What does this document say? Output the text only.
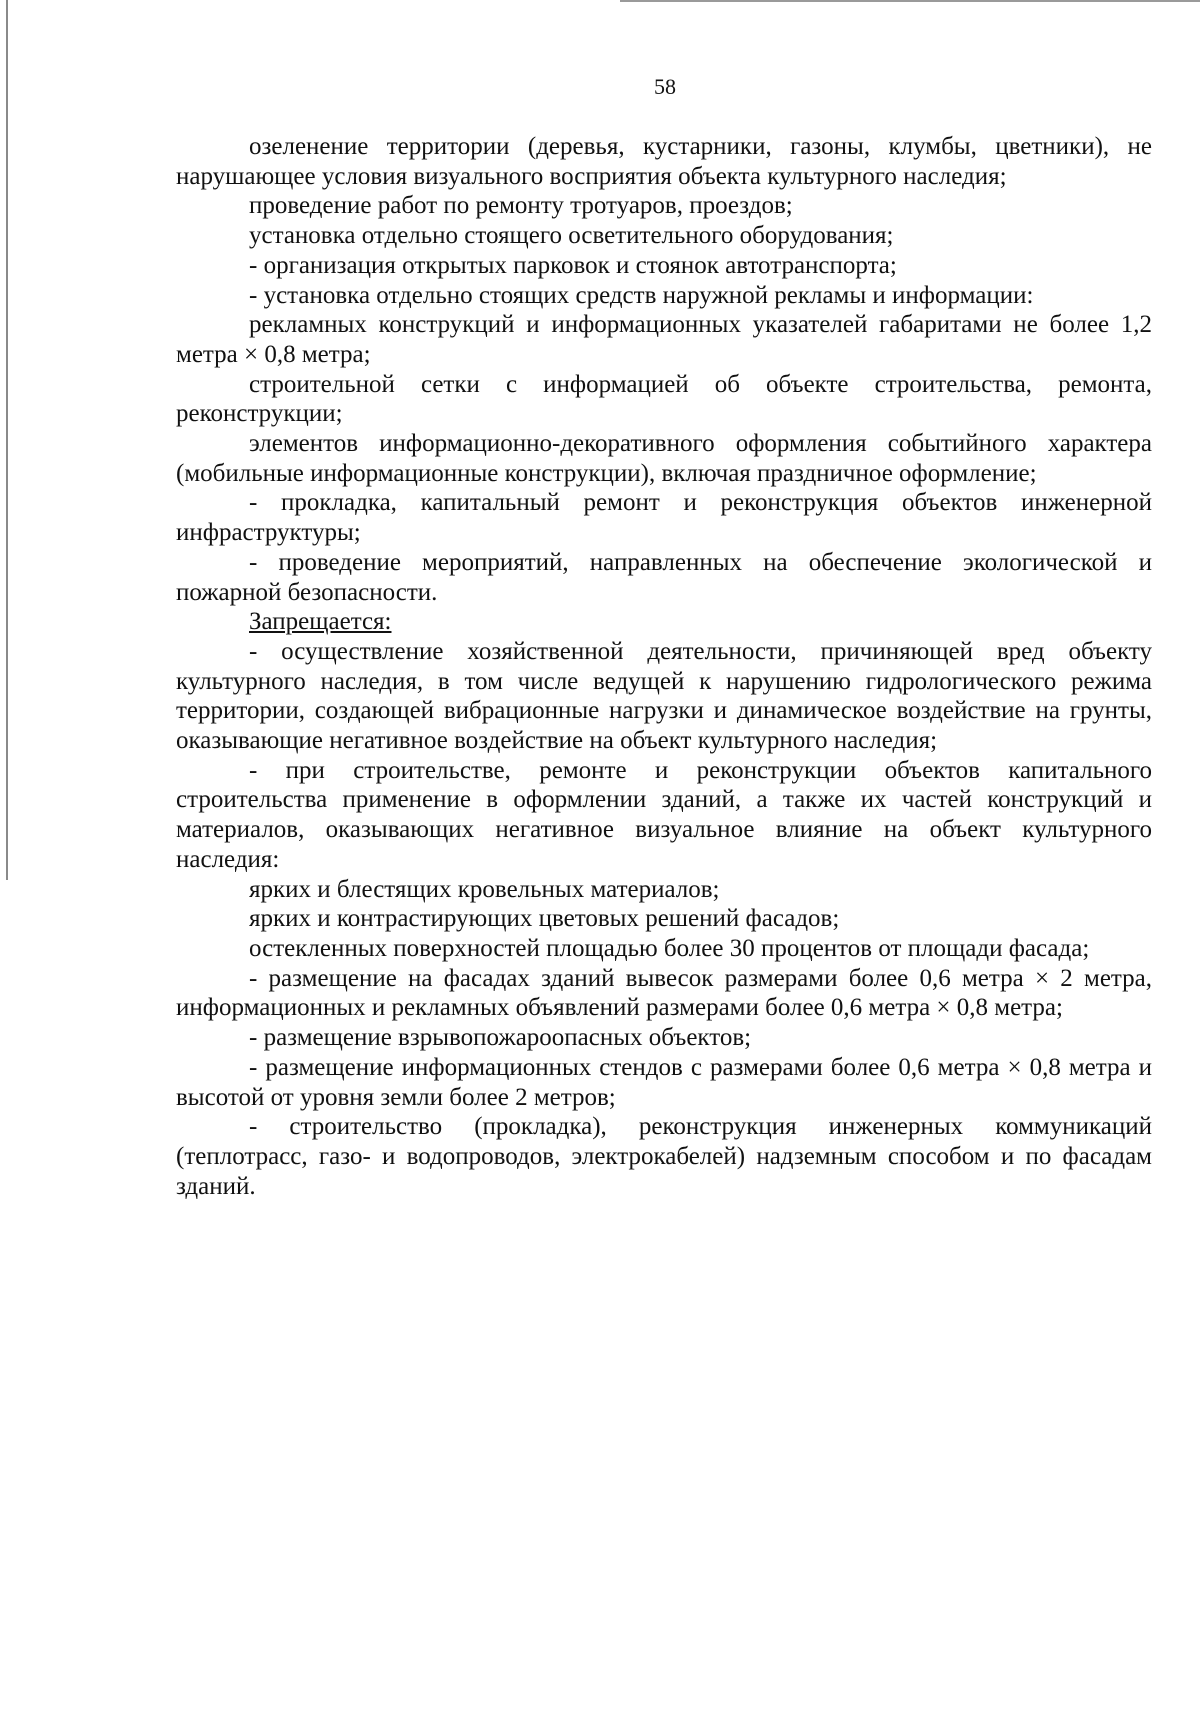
58

озеленение территории (деревья, кустарники, газоны, клумбы, цветники), не нарушающее условия визуального восприятия объекта культурного наследия;

проведение работ по ремонту тротуаров, проездов;

установка отдельно стоящего осветительного оборудования;

- организация открытых парковок и стоянок автотранспорта;

- установка отдельно стоящих средств наружной рекламы и информации:

рекламных конструкций и информационных указателей габаритами не более 1,2 метра × 0,8 метра;

строительной сетки с информацией об объекте строительства, ремонта, реконструкции;

элементов информационно-декоративного оформления событийного характера (мобильные информационные конструкции), включая праздничное оформление;

- прокладка, капитальный ремонт и реконструкция объектов инженерной инфраструктуры;

- проведение мероприятий, направленных на обеспечение экологической и пожарной безопасности.

Запрещается:

- осуществление хозяйственной деятельности, причиняющей вред объекту культурного наследия, в том числе ведущей к нарушению гидрологического режима территории, создающей вибрационные нагрузки и динамическое воздействие на грунты, оказывающие негативное воздействие на объект культурного наследия;

- при строительстве, ремонте и реконструкции объектов капитального строительства применение в оформлении зданий, а также их частей конструкций и материалов, оказывающих негативное визуальное влияние на объект культурного наследия:

ярких и блестящих кровельных материалов;

ярких и контрастирующих цветовых решений фасадов;

остекленных поверхностей площадью более 30 процентов от площади фасада;

- размещение на фасадах зданий вывесок размерами более 0,6 метра × 2 метра, информационных и рекламных объявлений размерами более 0,6 метра × 0,8 метра;

- размещение взрывопожароопасных объектов;

- размещение информационных стендов с размерами более 0,6 метра × 0,8 метра и высотой от уровня земли более 2 метров;

- строительство (прокладка), реконструкция инженерных коммуникаций (теплотрасс, газо- и водопроводов, электрокабелей) надземным способом и по фасадам зданий.
